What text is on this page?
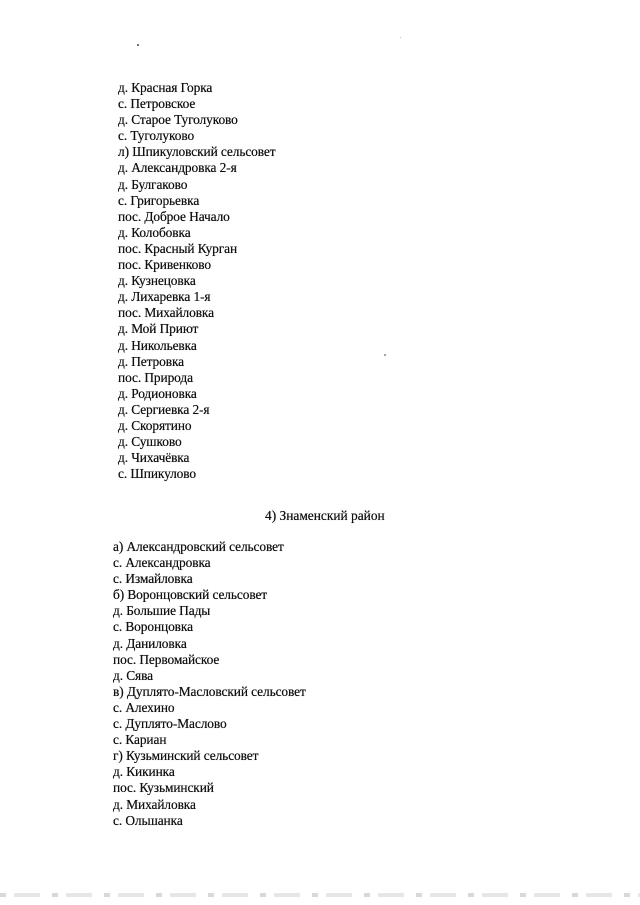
д. Красная Горка
с. Петровское
д. Старое Туголуково
с. Туголуково
л) Шпикуловский сельсовет
д. Александровка 2-я
д. Булгаково
с. Григорьевка
пос. Доброе Начало
д. Колобовка
пос. Красный Курган
пос. Кривенково
д. Кузнецовка
д. Лихаревка 1-я
пос. Михайловка
д. Мой Приют
д. Никольевка
д. Петровка
пос. Природа
д. Родионовка
д. Сергиевка 2-я
д. Скорятино
д. Сушково
д. Чихачёвка
с. Шпикулово
4) Знаменский район
а) Александровский сельсовет
с. Александровка
с. Измайловка
б) Воронцовский сельсовет
д. Большие Пады
с. Воронцовка
д. Даниловка
пос. Первомайское
д. Сява
в) Дуплято-Масловский сельсовет
с. Алехино
с. Дуплято-Маслово
с. Кариан
г) Кузьминский сельсовет
д. Кикинка
пос. Кузьминский
д. Михайловка
с. Ольшанка
